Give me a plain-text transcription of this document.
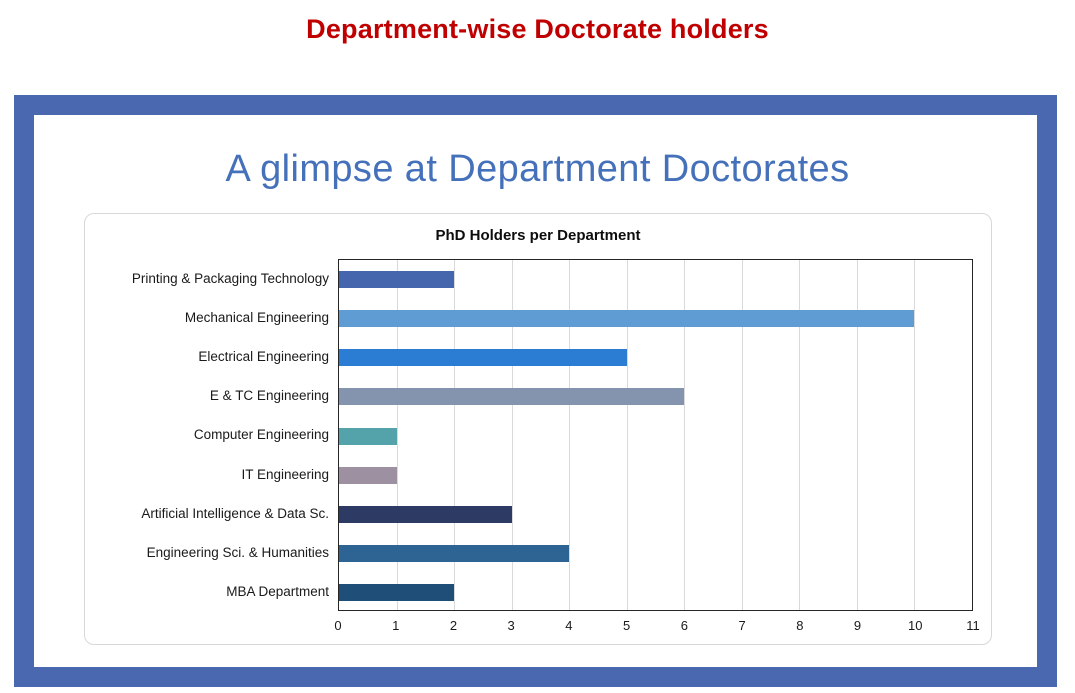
Department-wise Doctorate holders
A glimpse at Department Doctorates
PhD Holders per Department
Printing & Packaging Technology
Mechanical Engineering
Electrical Engineering
E & TC Engineering
Computer Engineering
IT Engineering
Artificial Intelligence & Data Sc.
Engineering Sci. & Humanities
MBA Department
0	1	2	3	4	5	6	7	8	9	10	11
